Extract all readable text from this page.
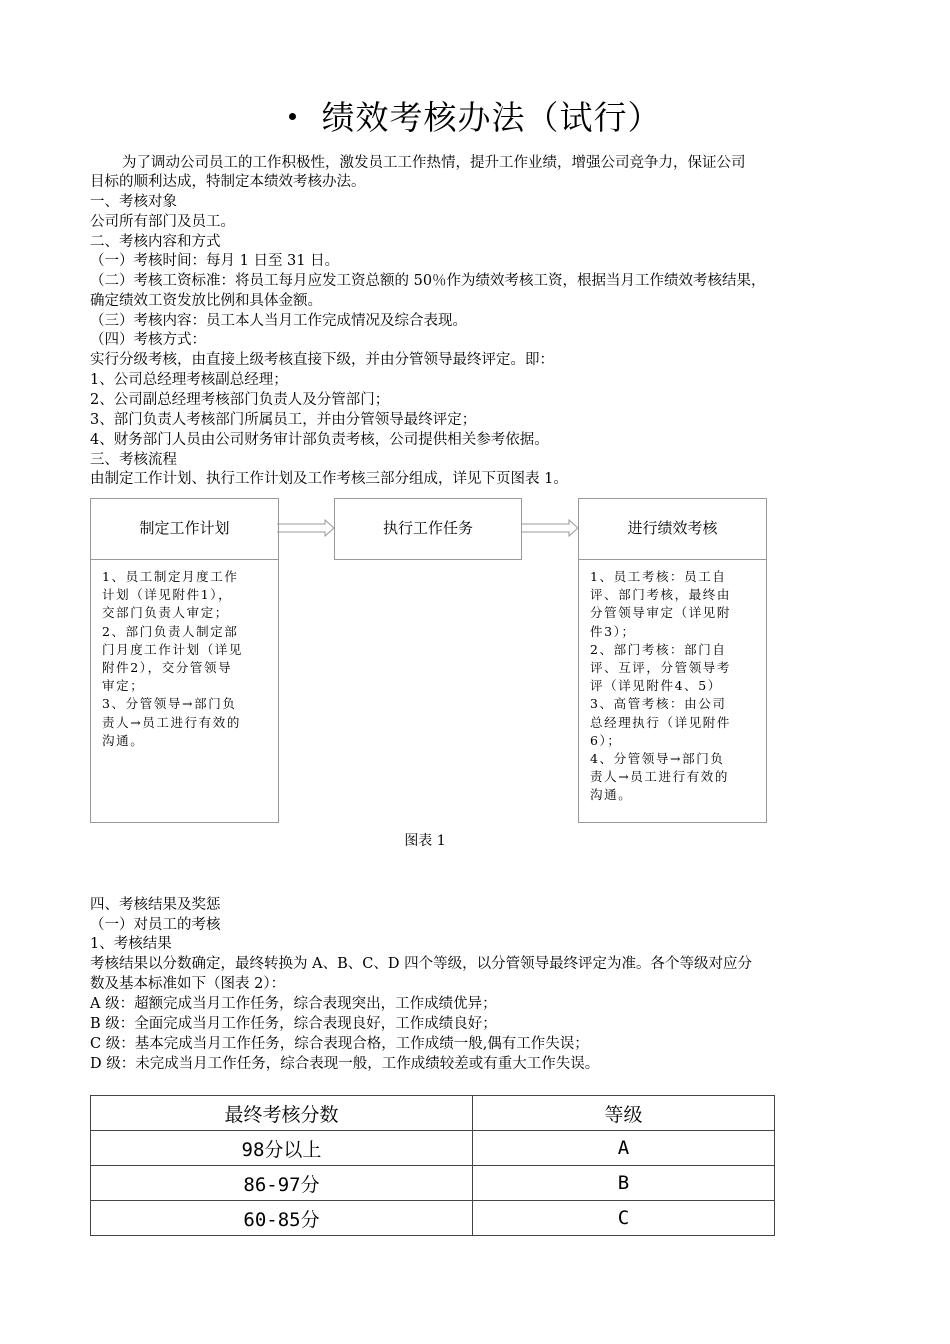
绩效考核办法（试行）
为了调动公司员工的工作积极性，激发员工工作热情，提升工作业绩，增强公司竞争力，保证公司
目标的顺利达成，特制定本绩效考核办法。
一、考核对象
公司所有部门及员工。
二、考核内容和方式
（一）考核时间：每月 1 日至 31 日。
（二）考核工资标准：将员工每月应发工资总额的 50％作为绩效考核工资，根据当月工作绩效考核结果，
确定绩效工资发放比例和具体金额。
（三）考核内容：员工本人当月工作完成情况及综合表现。
（四）考核方式：
实行分级考核，由直接上级考核直接下级，并由分管领导最终评定。即：
1、公司总经理考核副总经理；
2、公司副总经理考核部门负责人及分管部门；
3、部门负责人考核部门所属员工，并由分管领导最终评定；
4、财务部门人员由公司财务审计部负责考核，公司提供相关参考依据。
三、考核流程
由制定工作计划、执行工作计划及工作考核三部分组成，详见下页图表 1。
制定工作计划
1、员工制定月度工作
计划（详见附件1），
交部门负责人审定；
2、部门负责人制定部
门月度工作计划（详见
附件2），交分管领导
审定；
3、分管领导→部门负
责人→员工进行有效的
沟通。
执行工作任务	进行绩效考核
1、员工考核：员工自
评、部门考核，最终由
分管领导审定（详见附
件3）；
2、部门考核：部门自
评、互评，分管领导考
评（详见附件4、5）
3、高管考核：由公司
总经理执行（详见附件
6）；
4、分管领导→部门负
责人→员工进行有效的
沟通。
图表 1
四、考核结果及奖惩
（一）对员工的考核
1、考核结果
考核结果以分数确定，最终转换为 A、B、C、D 四个等级，以分管领导最终评定为准。各个等级对应分
数及基本标准如下（图表 2）：
A 级：超额完成当月工作任务，综合表现突出，工作成绩优异；
B 级：全面完成当月工作任务，综合表现良好，工作成绩良好；
C 级：基本完成当月工作任务，综合表现合格，工作成绩一般,偶有工作失误；
D 级：未完成当月工作任务，综合表现一般，工作成绩较差或有重大工作失误。
最终考核分数	等级
98分以上	A
86-97分	B
60-85分	C
